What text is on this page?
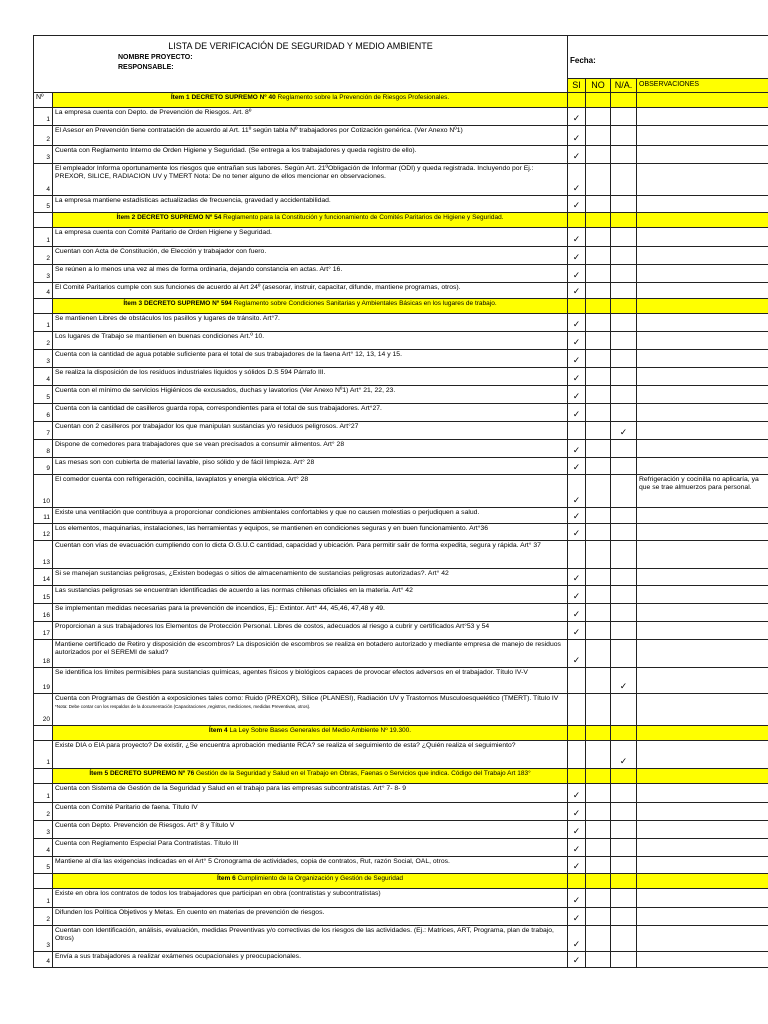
LISTA DE VERIFICACIÓN DE SEGURIDAD Y MEDIO AMBIENTE
NOMBRE PROYECTO:
RESPONSABLE:		Fecha:			
		SI	NO	N/A.	OBSERVACIONES
Nº	Ítem 1 DECRETO SUPREMO Nº 40 Reglamento sobre la Prevención de Riesgos Profesionales.				
1	La empresa cuenta con Depto. de Prevención de Riesgos. Art. 8º	✓			
2	El Asesor en Prevención tiene contratación de acuerdo al Art. 11º según tabla Nº trabajadores por Cotización genérica. (Ver Anexo Nº1)	✓			
3	Cuenta con Reglamento Interno de Orden Higiene y Seguridad. (Se entrega a los trabajadores y queda registro de ello).	✓			
4	El empleador Informa oportunamente los riesgos que entrañan sus labores. Según Art. 21ºObligación de Informar (ODI) y queda registrada. Incluyendo por Ej.: PREXOR, SILICE, RADIACION UV y TMERT Nota: De no tener alguno de ellos mencionar en observaciones.	✓			
5	La empresa mantiene estadísticas actualizadas de frecuencia, gravedad y accidentabilidad.	✓			
	Ítem 2 DECRETO SUPREMO Nº 54 Reglamento para la Constitución y funcionamiento de Comités Paritarios de Higiene y Seguridad.				
1	La empresa cuenta con Comité Paritario de Orden Higiene y Seguridad.	✓			
2	Cuentan con Acta de Constitución, de Elección y trabajador con fuero.	✓			
3	Se reúnen a lo menos una vez al mes de forma ordinaria, dejando constancia en actas. Art° 16.	✓			
4	El Comité Paritarios cumple con sus funciones de acuerdo al Art 24º (asesorar, instruir, capacitar, difunde, mantiene programas, otros).	✓			
	Ítem 3 DECRETO SUPREMO Nº 594 Reglamento sobre Condiciones Sanitarias y Ambientales Básicas en los lugares de trabajo.				
1	Se mantienen Libres de obstáculos los pasillos y lugares de tránsito. Art°7.	✓			
2	Los lugares de Trabajo se mantienen en buenas condiciones Art.º 10.	✓			
3	Cuenta con la cantidad de agua potable suficiente para el total de sus trabajadores de la faena Art° 12, 13, 14 y 15.	✓			
4	Se realiza la disposición de los residuos industriales líquidos y sólidos D.S 594 Párrafo III.	✓			
5	Cuenta con el mínimo de servicios Higiénicos de excusados, duchas y lavatorios (Ver Anexo Nº1) Art° 21, 22, 23.	✓			
6	Cuenta con la cantidad de casilleros guarda ropa, correspondientes para el total de sus trabajadores. Art°27.	✓			
7	Cuentan con 2 casilleros por trabajador los que manipulan sustancias y/o residuos peligrosos. Art°27			✓	
8	Dispone de comedores para trabajadores que se vean precisados a consumir alimentos. Art° 28	✓			
9	Las mesas son con cubierta de material lavable, piso sólido y de fácil limpieza. Art° 28	✓			
10	El comedor cuenta con refrigeración, cocinilla, lavaplatos y energía eléctrica. Art° 28	✓			Refrigeración y cocinilla no aplicaría, ya que se trae almuerzos para personal.
11	Existe una ventilación que contribuya a proporcionar condiciones ambientales confortables y que no causen molestias o perjudiquen a salud.	✓			
12	Los elementos, maquinarias, instalaciones, las herramientas y equipos, se mantienen en condiciones seguras y en buen funcionamiento. Art°36	✓			
13	Cuentan con vías de evacuación cumpliendo con lo dicta O.G.U.C cantidad, capacidad y ubicación. Para permitir salir de forma expedita, segura y rápida. Art° 37				
14	Si se manejan sustancias peligrosas, ¿Existen bodegas o sitios de almacenamiento de sustancias peligrosas autorizadas?. Art° 42	✓			
15	Las sustancias peligrosas se encuentran identificadas de acuerdo a las normas chilenas oficiales en la materia. Art° 42	✓			
16	Se implementan medidas necesarias para la prevención de incendios, Ej.: Extintor. Art° 44, 45,46, 47,48 y 49.	✓			
17	Proporcionan a sus trabajadores los Elementos de Protección Personal. Libres de costos, adecuados al riesgo a cubrir y certificados Art°53 y 54	✓			
18	Mantiene certificado de Retiro y disposición de escombros? La disposición de escombros se realiza en botadero autorizado y mediante empresa de manejo de residuos autorizados por el SEREMI de salud?	✓			
19	Se identifica los límites permisibles para sustancias químicas, agentes físicos y biológicos capaces de provocar efectos adversos en el trabajador. Título IV-V			✓	
20	Cuenta con Programas de Gestión a exposiciones tales como: Ruido (PREXOR), Sílice (PLANESI), Radiación UV y Trastornos Musculoesquelético (TMERT). Título IV *Nota: Debe contar con los respaldos de la documentación (Capacitaciones ,registros, mediciones, medidas Preventivas, otros).				
	Ítem 4 La Ley Sobre Bases Generales del Medio Ambiente Nº 19.300.				
1	Existe DIA o EIA para proyecto? De existir, ¿Se encuentra aprobación mediante RCA? se realiza el seguimiento de esta? ¿Quién realiza el seguimiento?			✓	
	Ítem 5 DECRETO SUPREMO Nº 76 Gestión de la Seguridad y Salud en el Trabajo en Obras, Faenas o Servicios que indica. Código del Trabajo Art 183°				
1	Cuenta con Sistema de Gestión de la Seguridad y Salud en el trabajo para las empresas subcontratistas. Art° 7- 8- 9	✓			
2	Cuenta con Comité Paritario de faena. Título IV	✓			
3	Cuenta con Depto. Prevención de Riesgos. Art° 8 y Título V	✓			
4	Cuenta con Reglamento Especial Para Contratistas. Título III	✓			
5	Mantiene al día las exigencias indicadas en el Art° 5 Cronograma de actividades, copia de contratos, Rut, razón Social, OAL, otros.	✓			
	Ítem 6 Cumplimiento de la Organización y Gestión de Seguridad				
1	Existe en obra los contratos de todos los trabajadores que participan en obra (contratistas y subcontratistas)	✓			
2	Difunden los Política Objetivos y Metas. En cuento en materias de prevención de riesgos.	✓			
3	Cuentan con Identificación, análisis, evaluación, medidas Preventivas y/o correctivas de los riesgos de las actividades. (Ej.: Matrices, ART, Programa, plan de trabajo, Otros)	✓			
4	Envía a sus trabajadores a realizar exámenes ocupacionales y preocupacionales.	✓			
